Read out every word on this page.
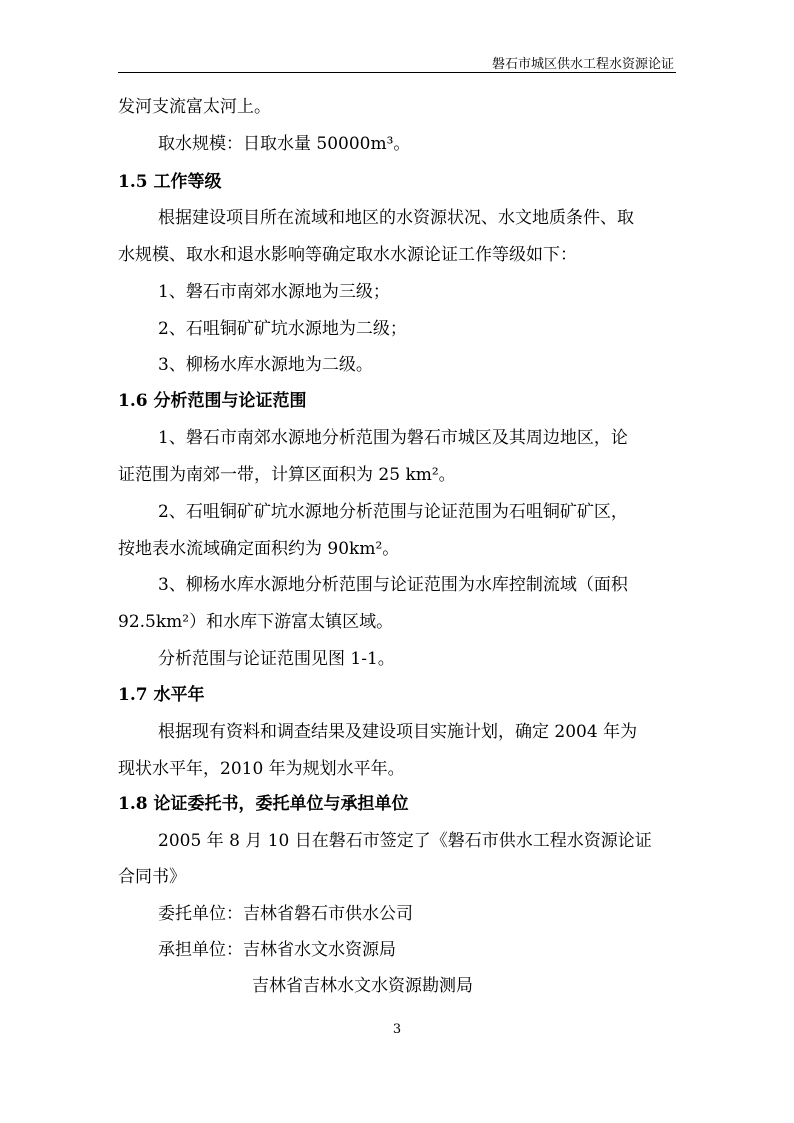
磐石市城区供水工程水资源论证
发河支流富太河上。
取水规模：日取水量 50000m³。
1.5 工作等级
根据建设项目所在流域和地区的水资源状况、水文地质条件、取
水规模、取水和退水影响等确定取水水源论证工作等级如下：
1、磐石市南郊水源地为三级；
2、石咀铜矿矿坑水源地为二级；
3、柳杨水库水源地为二级。
1.6 分析范围与论证范围
1、磐石市南郊水源地分析范围为磐石市城区及其周边地区，论
证范围为南郊一带，计算区面积为 25 km²。
2、石咀铜矿矿坑水源地分析范围与论证范围为石咀铜矿矿区，
按地表水流域确定面积约为 90km²。
3、柳杨水库水源地分析范围与论证范围为水库控制流域（面积
92.5km²）和水库下游富太镇区域。
分析范围与论证范围见图 1-1。
1.7 水平年
根据现有资料和调查结果及建设项目实施计划，确定 2004 年为
现状水平年，2010 年为规划水平年。
1.8 论证委托书，委托单位与承担单位
2005 年 8 月 10 日在磐石市签定了《磐石市供水工程水资源论证
合同书》
委托单位：吉林省磐石市供水公司
承担单位：吉林省水文水资源局
吉林省吉林水文水资源勘测局
3
